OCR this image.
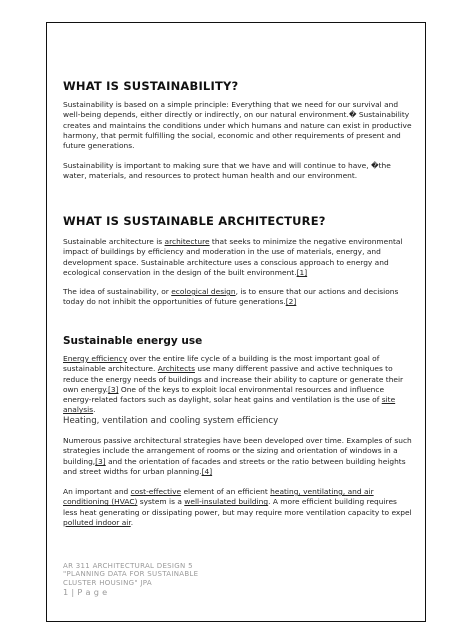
WHAT IS SUSTAINABILITY?
Sustainability is based on a simple principle: Everything that we need for our survival and well-being depends, either directly or indirectly, on our natural environment.� Sustainability creates and maintains the conditions under which humans and nature can exist in productive harmony, that permit fulfilling the social, economic and other requirements of present and future generations.
Sustainability is important to making sure that we have and will continue to have, �the water, materials, and resources to protect human health and our environment.
WHAT IS SUSTAINABLE ARCHITECTURE?
Sustainable architecture is architecture that seeks to minimize the negative environmental impact of buildings by efficiency and moderation in the use of materials, energy, and development space. Sustainable architecture uses a conscious approach to energy and ecological conservation in the design of the built environment.[1]
The idea of sustainability, or ecological design, is to ensure that our actions and decisions today do not inhibit the opportunities of future generations.[2]
Sustainable energy use
Energy efficiency over the entire life cycle of a building is the most important goal of sustainable architecture. Architects use many different passive and active techniques to reduce the energy needs of buildings and increase their ability to capture or generate their own energy.[3] One of the keys to exploit local environmental resources and influence energy-related factors such as daylight, solar heat gains and ventilation is the use of site analysis.
Heating, ventilation and cooling system efficiency
Numerous passive architectural strategies have been developed over time. Examples of such strategies include the arrangement of rooms or the sizing and orientation of windows in a building,[3] and the orientation of facades and streets or the ratio between building heights and street widths for urban planning.[4]
An important and cost-effective element of an efficient heating, ventilating, and air conditioning (HVAC) system is a well-insulated building. A more efficient building requires less heat generating or dissipating power, but may require more ventilation capacity to expel polluted indoor air.
AR 311 ARCHITECTURAL DESIGN 5
"PLANNING DATA FOR SUSTAINABLE
CLUSTER HOUSING" JPA
1 | P a g e
